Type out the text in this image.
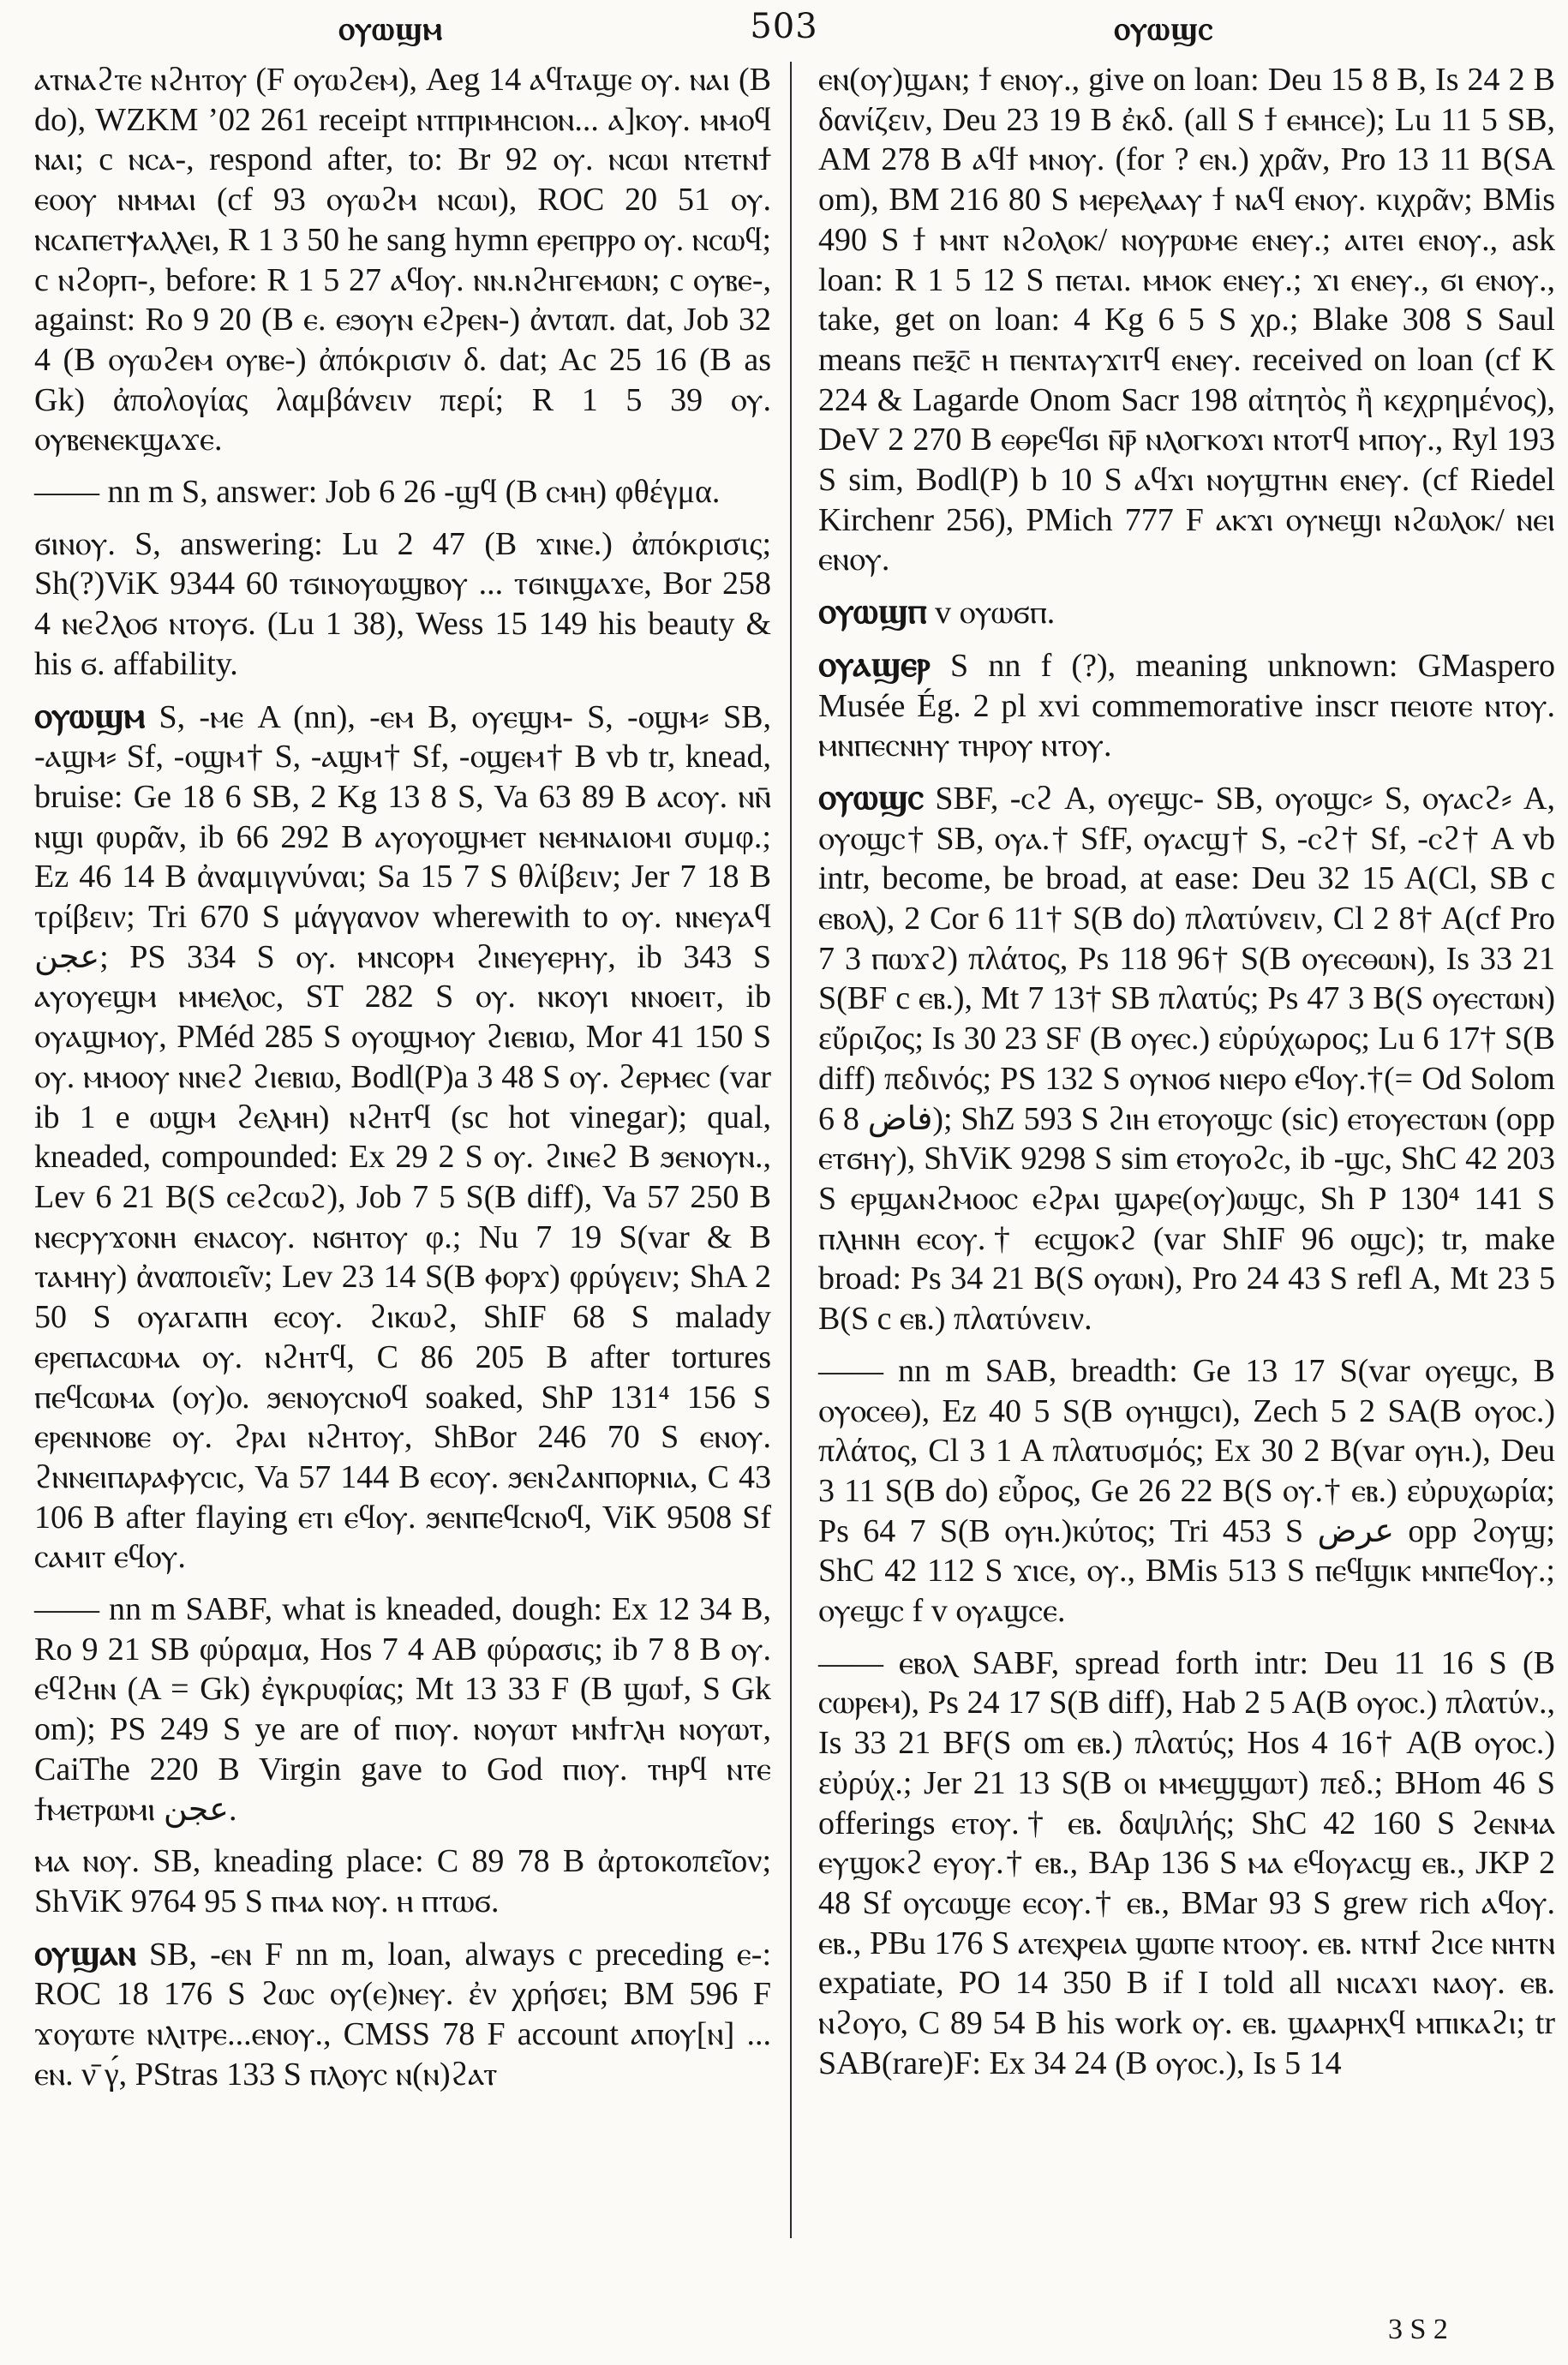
ⲟⲩⲱϣⲙ	503	ⲟⲩⲱϣⲥ

ⲁⲧⲛⲁϩⲧⲉ ⲛϩⲏⲧⲟⲩ (F ⲟⲩⲱϩⲉⲙ), Aeg 14 ⲁϥⲧⲁϣⲉ ⲟⲩ. ⲛⲁⲓ (B do), WZKM ’02 261 receipt ⲛⲧⲡⲣⲓⲙⲏⲥⲓⲟⲛ... ⲁ]ⲕⲟⲩ. ⲙⲙⲟϥ ⲛⲁⲓ; c ⲛⲥⲁ-, respond after, to: Br 92 ⲟⲩ. ⲛⲥⲱⲓ ⲛⲧⲉⲧⲛϯ ⲉⲟⲟⲩ ⲛⲙⲙⲁⲓ (cf 93 ⲟⲩⲱϩⲙ ⲛⲥⲱⲓ), ROC 20 51 ⲟⲩ. ⲛⲥⲁⲡⲉⲧⲯⲁⲗⲗⲉⲓ, R 1 3 50 he sang hymn ⲉⲣⲉⲡⲣⲣⲟ ⲟⲩ. ⲛⲥⲱϥ; c ⲛϩⲟⲣⲡ-, before: R 1 5 27 ⲁϥⲟⲩ. ⲛⲛ.ⲛϩⲏⲅⲉⲙⲱⲛ; c ⲟⲩⲃⲉ-, against: Ro 9 20 (B ⲉ. ⲉϧⲟⲩⲛ ⲉϩⲣⲉⲛ-) ἀνταπ. dat, Job 32 4 (B ⲟⲩⲱϩⲉⲙ ⲟⲩⲃⲉ-) ἀπόκρισιν δ. dat; Ac 25 16 (B as Gk) ἀπολογίας λαμβάνειν περί; R 1 5 39 ⲟⲩ. ⲟⲩⲃⲉⲛⲉⲕϣⲁϫⲉ.

—— nn m S, answer: Job 6 26 -ϣϥ (B ⲥⲙⲏ) φθέγμα.

ϭⲓⲛⲟⲩ. S, answering: Lu 2 47 (B ϫⲓⲛⲉ.) ἀπόκρισις; Sh(?)ViK 9344 60 ⲧϭⲓⲛⲟⲩⲱϣⲃⲟⲩ ... ⲧϭⲓⲛϣⲁϫⲉ, Bor 258 4 ⲛⲉϩⲗⲟϭ ⲛⲧⲟⲩϭ. (Lu 1 38), Wess 15 149 his beauty & his ϭ. affability.

ⲟⲩⲱϣⲙ S, -ⲙⲉ A (nn), -ⲉⲙ B, ⲟⲩⲉϣⲙ- S, -ⲟϣⲙ⸗ SB, -ⲁϣⲙ⸗ Sf, -ⲟϣⲙ† S, -ⲁϣⲙ† Sf, -ⲟϣⲉⲙ† B vb tr, knead, bruise: Ge 18 6 SB, 2 Kg 13 8 S, Va 63 89 B ⲁⲥⲟⲩ. ⲛⲛ̄ ⲛϣⲓ φυρᾶν, ib 66 292 B ⲁⲩⲟⲩⲟϣⲙⲉⲧ ⲛⲉⲙⲛⲁⲓⲟⲙⲓ συμφ.; Ez 46 14 B ἀναμιγνύναι; Sa 15 7 S θλίβειν; Jer 7 18 B τρίβειν; Tri 670 S μάγγανον wherewith to ⲟⲩ. ⲛⲛⲉⲩⲁϥ ﻋﺠﻦ; PS 334 S ⲟⲩ. ⲙⲛⲥⲟⲣⲙ ϩⲓⲛⲉⲩⲉⲣⲏⲩ, ib 343 S ⲁⲩⲟⲩⲉϣⲙ ⲙⲙⲉⲗⲟⲥ, ST 282 S ⲟⲩ. ⲛⲕⲟⲩⲓ ⲛⲛⲟⲉⲓⲧ, ib ⲟⲩⲁϣⲙⲟⲩ, PMéd 285 S ⲟⲩⲟϣⲙⲟⲩ ϩⲓⲉⲃⲓⲱ, Mor 41 150 S ⲟⲩ. ⲙⲙⲟⲟⲩ ⲛⲛⲉϩ ϩⲓⲉⲃⲓⲱ, Bodl(P)a 3 48 S ⲟⲩ. ϩⲉⲣⲙⲉⲥ (var ib 1 e ⲱϣⲙ ϩⲉⲗⲙⲏ) ⲛϩⲏⲧϥ (sc hot vinegar); qual, kneaded, compounded: Ex 29 2 S ⲟⲩ. ϩⲓⲛⲉϩ B ϧⲉⲛⲟⲩⲛ., Lev 6 21 B(S ⲥⲉϩⲥⲱϩ), Job 7 5 S(B diff), Va 57 250 B ⲛⲉⲥⲣⲩϫⲟⲛⲏ ⲉⲛⲁⲥⲟⲩ. ⲛϭⲏⲧⲟⲩ φ.; Nu 7 19 S(var & B ⲧⲁⲙⲏⲩ) ἀναποιεῖν; Lev 23 14 S(B ⲫⲟⲣϫ) φρύγειν; ShA 2 50 S ⲟⲩⲁⲅⲁⲡⲏ ⲉⲥⲟⲩ. ϩⲓⲕⲱϩ, ShIF 68 S malady ⲉⲣⲉⲡⲁⲥⲱⲙⲁ ⲟⲩ. ⲛϩⲏⲧϥ, C 86 205 B after tortures ⲡⲉϥⲥⲱⲙⲁ (ⲟⲩ)ⲟ. ϧⲉⲛⲟⲩⲥⲛⲟϥ soaked, ShP 131⁴ 156 S ⲉⲣⲉⲛⲛⲟⲃⲉ ⲟⲩ. ϩⲣⲁⲓ ⲛϩⲏⲧⲟⲩ, ShBor 246 70 S ⲉⲛⲟⲩ. ϩⲛⲛⲉⲓⲡⲁⲣⲁⲫⲩⲥⲓⲥ, Va 57 144 B ⲉⲥⲟⲩ. ϧⲉⲛϩⲁⲛⲡⲟⲣⲛⲓⲁ, C 43 106 B after flaying ⲉⲧⲓ ⲉϥⲟⲩ. ϧⲉⲛⲡⲉϥⲥⲛⲟϥ, ViK 9508 Sf ⲥⲁⲙⲓⲧ ⲉϥⲟⲩ.

—— nn m SABF, what is kneaded, dough: Ex 12 34 B, Ro 9 21 SB φύραμα, Hos 7 4 AB φύρασις; ib 7 8 B ⲟⲩ. ⲉϥϩⲏⲛ (A = Gk) ἐγκρυφίας; Mt 13 33 F (B ϣⲱϯ, S Gk om); PS 249 S ye are of ⲡⲓⲟⲩ. ⲛⲟⲩⲱⲧ ⲙⲛϯⲅⲗⲏ ⲛⲟⲩⲱⲧ, CaiThe 220 B Virgin gave to God ⲡⲓⲟⲩ. ⲧⲏⲣϥ ⲛⲧⲉ ϯⲙⲉⲧⲣⲱⲙⲓ ﻋﺠﻦ.

ⲙⲁ ⲛⲟⲩ. SB, kneading place: C 89 78 B ἀρτοκοπεῖον; ShViK 9764 95 S ⲡⲙⲁ ⲛⲟⲩ. ⲏ ⲡⲧⲱϭ.

ⲟⲩϣⲁⲛ SB, -ⲉⲛ F nn m, loan, always c preceding ⲉ-: ROC 18 176 S ϩⲱⲥ ⲟⲩ(ⲉ)ⲛⲉⲩ. ἐν χρήσει; BM 596 F ϫⲟⲩⲱⲧⲉ ⲛⲗⲓⲧⲣⲉ...ⲉⲛⲟⲩ., CMSS 78 F account ⲁⲡⲟⲩ[ⲛ] ... ⲉⲛ. ν̄ γ́, PStras 133 S ⲡⲗⲟⲩⲥ ⲛ(ⲛ)ϩⲁⲧ

ⲉⲛ(ⲟⲩ)ϣⲁⲛ; ϯ ⲉⲛⲟⲩ., give on loan: Deu 15 8 B, Is 24 2 B δανίζειν, Deu 23 19 B ἐκδ. (all S ϯ ⲉⲙⲏⲥⲉ); Lu 11 5 SB, AM 278 B ⲁϥϯ ⲙⲛⲟⲩ. (for ? ⲉⲛ.) χρᾶν, Pro 13 11 B(SA om), BM 216 80 S ⲙⲉⲣⲉⲗⲁⲁⲩ ϯ ⲛⲁϥ ⲉⲛⲟⲩ. κιχρᾶν; BMis 490 S ϯ ⲙⲛⲧ ⲛϩⲟⲗⲟⲕ/ ⲛⲟⲩⲣⲱⲙⲉ ⲉⲛⲉⲩ.; ⲁⲓⲧⲉⲓ ⲉⲛⲟⲩ., ask loan: R 1 5 12 S ⲡⲉⲧⲁⲓ. ⲙⲙⲟⲕ ⲉⲛⲉⲩ.; ϫⲓ ⲉⲛⲉⲩ., ϭⲓ ⲉⲛⲟⲩ., take, get on loan: 4 Kg 6 5 S χρ.; Blake 308 S Saul means ⲡⲉⲝ̄ⲥ̄ ⲏ ⲡⲉⲛⲧⲁⲩϫⲓⲧϥ ⲉⲛⲉⲩ. received on loan (cf K 224 & Lagarde Onom Sacr 198 αἰτητὸς ἢ κεχρημένος), DeV 2 270 B ⲉⲑⲣⲉϥϭⲓ ⲛ̄ⲣ̄ ⲛⲗⲟⲅⲕⲟϫⲓ ⲛⲧⲟⲧϥ ⲙⲡⲟⲩ., Ryl 193 S sim, Bodl(P) b 10 S ⲁϥϫⲓ ⲛⲟⲩϣⲧⲏⲛ ⲉⲛⲉⲩ. (cf Riedel Kirchenr 256), PMich 777 F ⲁⲕϫⲓ ⲟⲩⲛⲉϣⲓ ⲛϩⲱⲗⲟⲕ/ ⲛⲉⲓ ⲉⲛⲟⲩ.

ⲟⲩⲱϣⲡ v ⲟⲩⲱϭⲡ.

ⲟⲩⲁϣⲉⲣ S nn f (?), meaning unknown: GMaspero Musée Ég. 2 pl xvi commemorative inscr ⲡⲉⲓⲟⲧⲉ ⲛⲧⲟⲩ. ⲙⲛⲡⲉⲥⲛⲏⲩ ⲧⲏⲣⲟⲩ ⲛⲧⲟⲩ.

ⲟⲩⲱϣⲥ SBF, -ⲥϩ A, ⲟⲩⲉϣⲥ- SB, ⲟⲩⲟϣⲥ⸗ S, ⲟⲩⲁⲥϩ⸗ A, ⲟⲩⲟϣⲥ† SB, ⲟⲩⲁ.† SfF, ⲟⲩⲁⲥϣ† S, -ⲥϩ† Sf, -ⲥϩ† A vb intr, become, be broad, at ease: Deu 32 15 A(Cl, SB c ⲉⲃⲟⲗ), 2 Cor 6 11† S(B do) πλατύνειν, Cl 2 8† A(cf Pro 7 3 ⲡⲱϫϩ) πλάτος, Ps 118 96† S(B ⲟⲩⲉⲥⲑⲱⲛ), Is 33 21 S(BF c ⲉⲃ.), Mt 7 13† SB πλατύς; Ps 47 3 B(S ⲟⲩⲉⲥⲧⲱⲛ) εὔριζος; Is 30 23 SF (B ⲟⲩⲉⲥ.) εὐρύχωρος; Lu 6 17† S(B diff) πεδινός; PS 132 S ⲟⲩⲛⲟϭ ⲛⲓⲉⲣⲟ ⲉϥⲟⲩ.†(= Od Solom 6 8 ﻓﺎﺽ); ShZ 593 S ϩⲓⲏ ⲉⲧⲟⲩⲟϣⲥ (sic) ⲉⲧⲟⲩⲉⲥⲧⲱⲛ (opp ⲉⲧϭⲏⲩ), ShViK 9298 S sim ⲉⲧⲟⲩⲟϩⲥ, ib -ϣⲥ, ShC 42 203 S ⲉⲣϣⲁⲛϩⲙⲟⲟⲥ ⲉϩⲣⲁⲓ ϣⲁⲣⲉ(ⲟⲩ)ⲱϣⲥ, Sh P 130⁴ 141 S ⲡⲗⲏⲛⲏ ⲉⲥⲟⲩ.† ⲉⲥϣⲟⲕϩ (var ShIF 96 ⲟϣⲥ); tr, make broad: Ps 34 21 B(S ⲟⲩⲱⲛ), Pro 24 43 S refl A, Mt 23 5 B(S c ⲉⲃ.) πλατύνειν.

—— nn m SAB, breadth: Ge 13 17 S(var ⲟⲩⲉϣⲥ, B ⲟⲩⲟⲥⲉⲑ), Ez 40 5 S(B ⲟⲩⲏϣⲥⲓ), Zech 5 2 SA(B ⲟⲩⲟⲥ.) πλάτος, Cl 3 1 A πλατυσμός; Ex 30 2 B(var ⲟⲩⲏ.), Deu 3 11 S(B do) εὖρος, Ge 26 22 B(S ⲟⲩ.† ⲉⲃ.) εὐρυχωρία; Ps 64 7 S(B ⲟⲩⲏ.)κύτος; Tri 453 S ﻋﺮﺽ opp ϩⲟⲩϣ; ShC 42 112 S ϫⲓⲥⲉ, ⲟⲩ., BMis 513 S ⲡⲉϥϣⲓⲕ ⲙⲛⲡⲉϥⲟⲩ.; ⲟⲩⲉϣⲥ f v ⲟⲩⲁϣⲥⲉ.

—— ⲉⲃⲟⲗ SABF, spread forth intr: Deu 11 16 S (B ⲥⲱⲣⲉⲙ), Ps 24 17 S(B diff), Hab 2 5 A(B ⲟⲩⲟⲥ.) πλατύν., Is 33 21 BF(S om ⲉⲃ.) πλατύς; Hos 4 16† A(B ⲟⲩⲟⲥ.) εὐρύχ.; Jer 21 13 S(B ⲟⲓ ⲙⲙⲉϣϣⲱⲧ) πεδ.; BHom 46 S offerings ⲉⲧⲟⲩ.† ⲉⲃ. δαψιλής; ShC 42 160 S ϩⲉⲛⲙⲁ ⲉⲩϣⲟⲕϩ ⲉⲩⲟⲩ.† ⲉⲃ., BAp 136 S ⲙⲁ ⲉϥⲟⲩⲁⲥϣ ⲉⲃ., JKP 2 48 Sf ⲟⲩⲥⲱϣⲉ ⲉⲥⲟⲩ.† ⲉⲃ., BMar 93 S grew rich ⲁϥⲟⲩ. ⲉⲃ., PBu 176 S ⲁⲧⲉⲭⲣⲉⲓⲁ ϣⲱⲡⲉ ⲛⲧⲟⲟⲩ. ⲉⲃ. ⲛⲧⲛϯ ϩⲓⲥⲉ ⲛⲏⲧⲛ expatiate, PO 14 350 B if I told all ⲛⲓⲥⲁϫⲓ ⲛⲁⲟⲩ. ⲉⲃ. ⲛϩⲟⲩⲟ, C 89 54 B his work ⲟⲩ. ⲉⲃ. ϣⲁⲁⲣⲏⲭϥ ⲙⲡⲓⲕⲁϩⲓ; tr SAB(rare)F: Ex 34 24 (B ⲟⲩⲟⲥ.), Is 5 14

3 S 2
